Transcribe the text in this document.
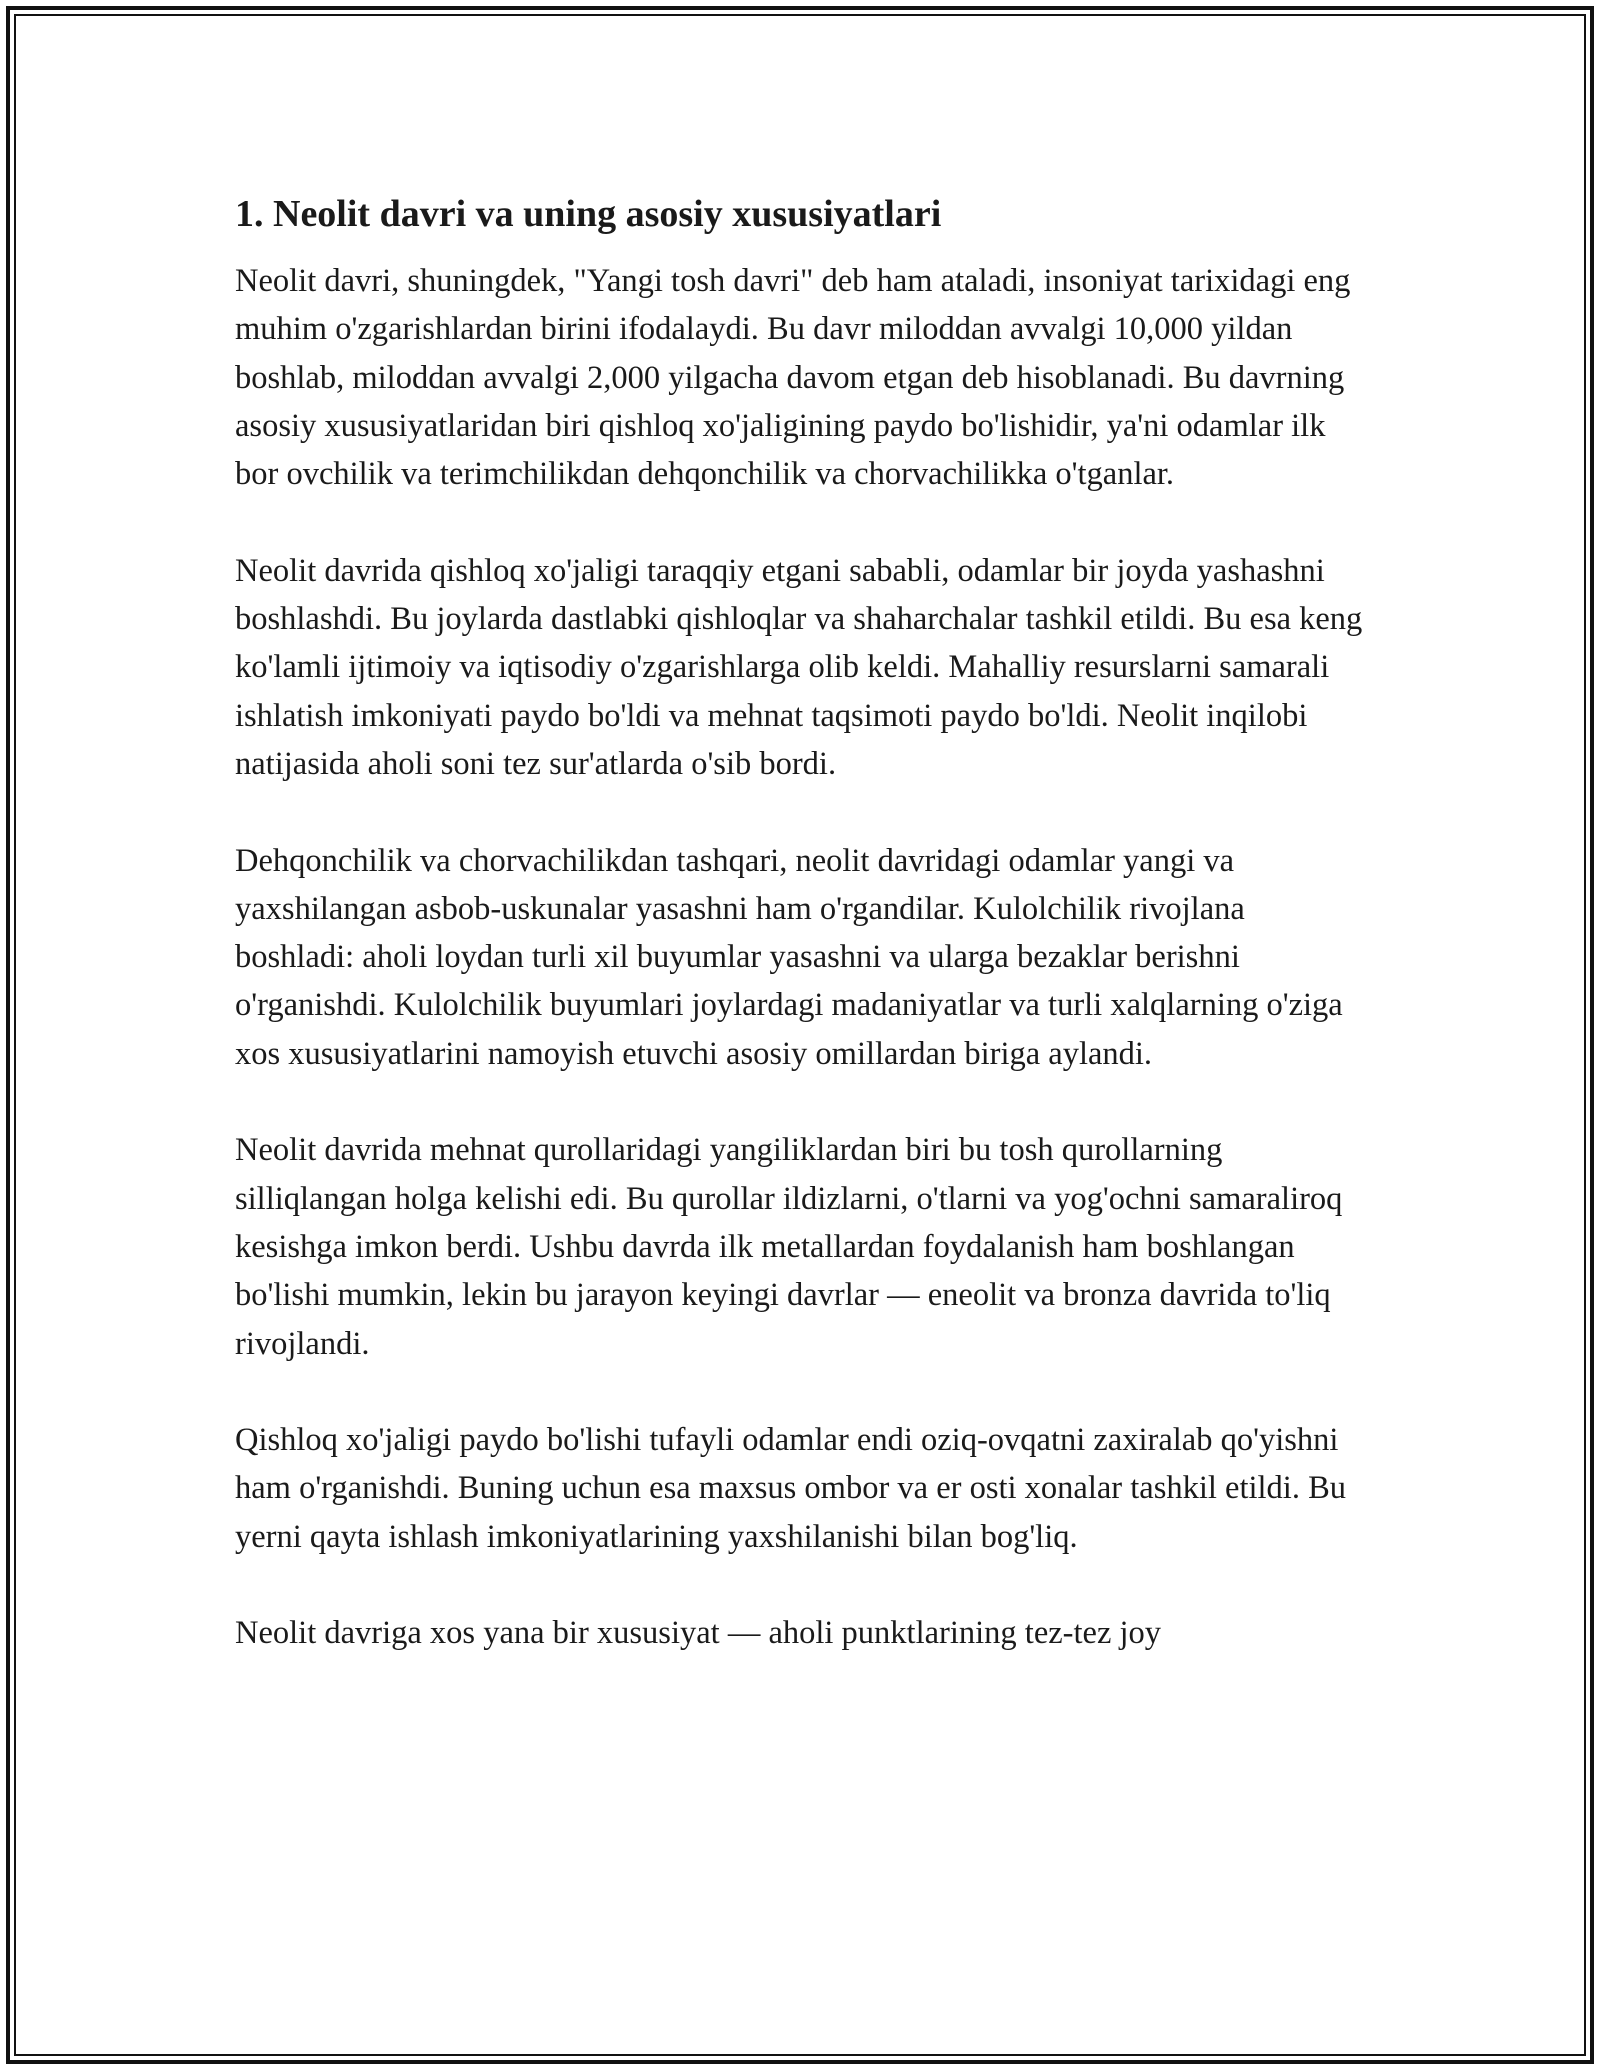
1. Neolit davri va uning asosiy xususiyatlari

Neolit davri, shuningdek, "Yangi tosh davri" deb ham ataladi, insoniyat tarixidagi eng muhim o'zgarishlardan birini ifodalaydi. Bu davr miloddan avvalgi 10,000 yildan boshlab, miloddan avvalgi 2,000 yilgacha davom etgan deb hisoblanadi. Bu davrning asosiy xususiyatlaridan biri qishloq xo'jaligining paydo bo'lishidir, ya'ni odamlar ilk bor ovchilik va terimchilikdan dehqonchilik va chorvachilikka o'tganlar.

Neolit davrida qishloq xo'jaligi taraqqiy etgani sababli, odamlar bir joyda yashashni boshlashdi. Bu joylarda dastlabki qishloqlar va shaharchalar tashkil etildi. Bu esa keng ko'lamli ijtimoiy va iqtisodiy o'zgarishlarga olib keldi. Mahalliy resurslarni samarali ishlatish imkoniyati paydo bo'ldi va mehnat taqsimoti paydo bo'ldi. Neolit inqilobi natijasida aholi soni tez sur'atlarda o'sib bordi.

Dehqonchilik va chorvachilikdan tashqari, neolit davridagi odamlar yangi va yaxshilangan asbob-uskunalar yasashni ham o'rgandilar. Kulolchilik rivojlana boshladi: aholi loydan turli xil buyumlar yasashni va ularga bezaklar berishni o'rganishdi. Kulolchilik buyumlari joylardagi madaniyatlar va turli xalqlarning o'ziga xos xususiyatlarini namoyish etuvchi asosiy omillardan biriga aylandi.

Neolit davrida mehnat qurollaridagi yangiliklardan biri bu tosh qurollarning silliqlangan holga kelishi edi. Bu qurollar ildizlarni, o'tlarni va yog'ochni samaraliroq kesishga imkon berdi. Ushbu davrda ilk metallardan foydalanish ham boshlangan bo'lishi mumkin, lekin bu jarayon keyingi davrlar — eneolit va bronza davrida to'liq rivojlandi.

Qishloq xo'jaligi paydo bo'lishi tufayli odamlar endi oziq-ovqatni zaxiralab qo'yishni ham o'rganishdi. Buning uchun esa maxsus ombor va er osti xonalar tashkil etildi. Bu yerni qayta ishlash imkoniyatlarining yaxshilanishi bilan bog'liq.

Neolit davriga xos yana bir xususiyat — aholi punktlarining tez-tez joy
